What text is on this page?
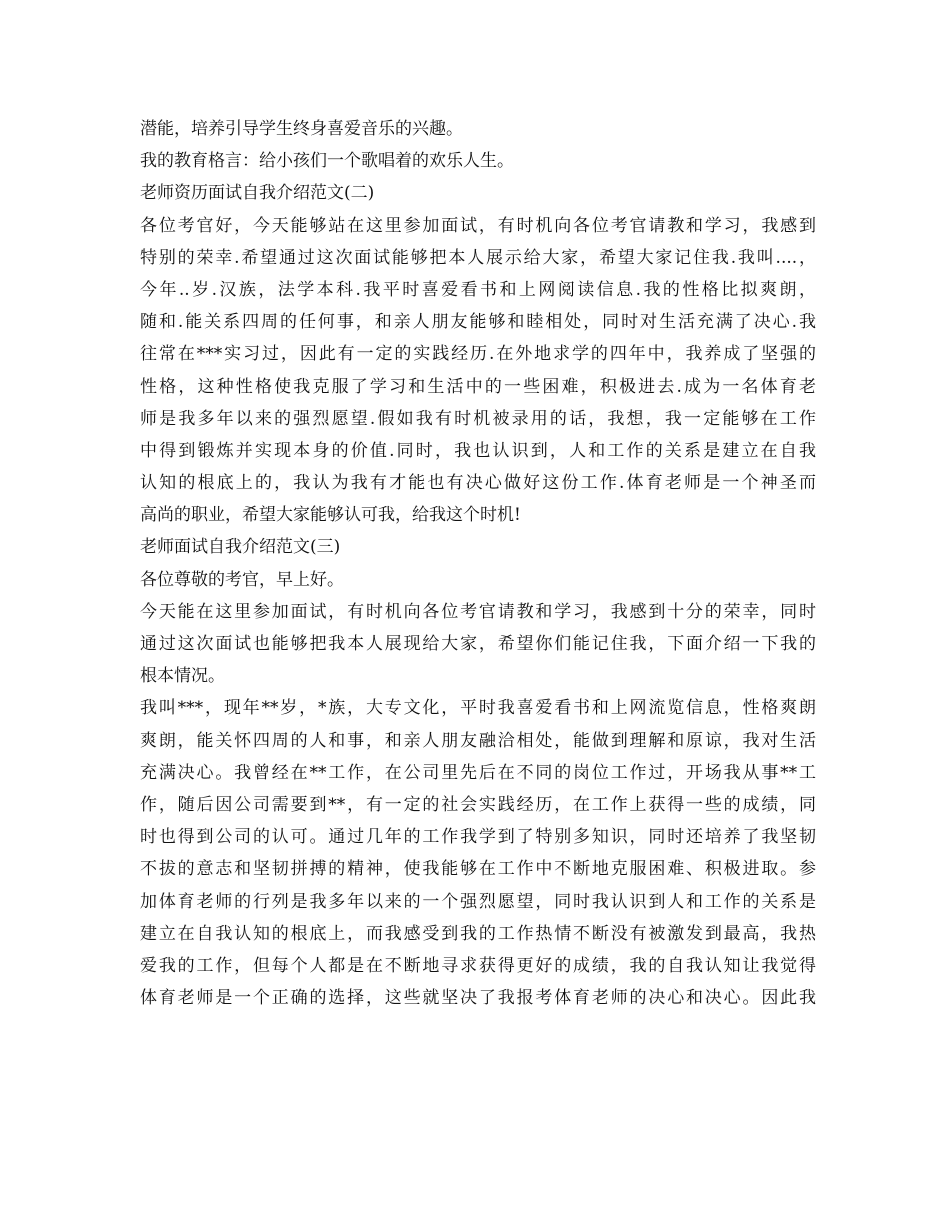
潜能，培养引导学生终身喜爱音乐的兴趣。
我的教育格言：给小孩们一个歌唱着的欢乐人生。
老师资历面试自我介绍范文(二)
各位考官好，今天能够站在这里参加面试，有时机向各位考官请教和学习，我感到
特别的荣幸.希望通过这次面试能够把本人展示给大家，希望大家记住我.我叫....，
今年..岁.汉族，法学本科.我平时喜爱看书和上网阅读信息.我的性格比拟爽朗，
随和.能关系四周的任何事，和亲人朋友能够和睦相处，同时对生活充满了决心.我
往常在***实习过，因此有一定的实践经历.在外地求学的四年中，我养成了坚强的
性格，这种性格使我克服了学习和生活中的一些困难，积极进去.成为一名体育老
师是我多年以来的强烈愿望.假如我有时机被录用的话，我想，我一定能够在工作
中得到锻炼并实现本身的价值.同时，我也认识到，人和工作的关系是建立在自我
认知的根底上的，我认为我有才能也有决心做好这份工作.体育老师是一个神圣而
高尚的职业，希望大家能够认可我，给我这个时机!
老师面试自我介绍范文(三)
各位尊敬的考官，早上好。
今天能在这里参加面试，有时机向各位考官请教和学习，我感到十分的荣幸，同时
通过这次面试也能够把我本人展现给大家，希望你们能记住我，下面介绍一下我的
根本情况。
我叫***，现年**岁，*族，大专文化，平时我喜爱看书和上网流览信息，性格爽朗
爽朗，能关怀四周的人和事，和亲人朋友融洽相处，能做到理解和原谅，我对生活
充满决心。我曾经在**工作，在公司里先后在不同的岗位工作过，开场我从事**工
作，随后因公司需要到**，有一定的社会实践经历，在工作上获得一些的成绩，同
时也得到公司的认可。通过几年的工作我学到了特别多知识，同时还培养了我坚韧
不拔的意志和坚韧拼搏的精神，使我能够在工作中不断地克服困难、积极进取。参
加体育老师的行列是我多年以来的一个强烈愿望，同时我认识到人和工作的关系是
建立在自我认知的根底上，而我感受到我的工作热情不断没有被激发到最高，我热
爱我的工作，但每个人都是在不断地寻求获得更好的成绩，我的自我认知让我觉得
体育老师是一个正确的选择，这些就坚决了我报考体育老师的决心和决心。因此我
